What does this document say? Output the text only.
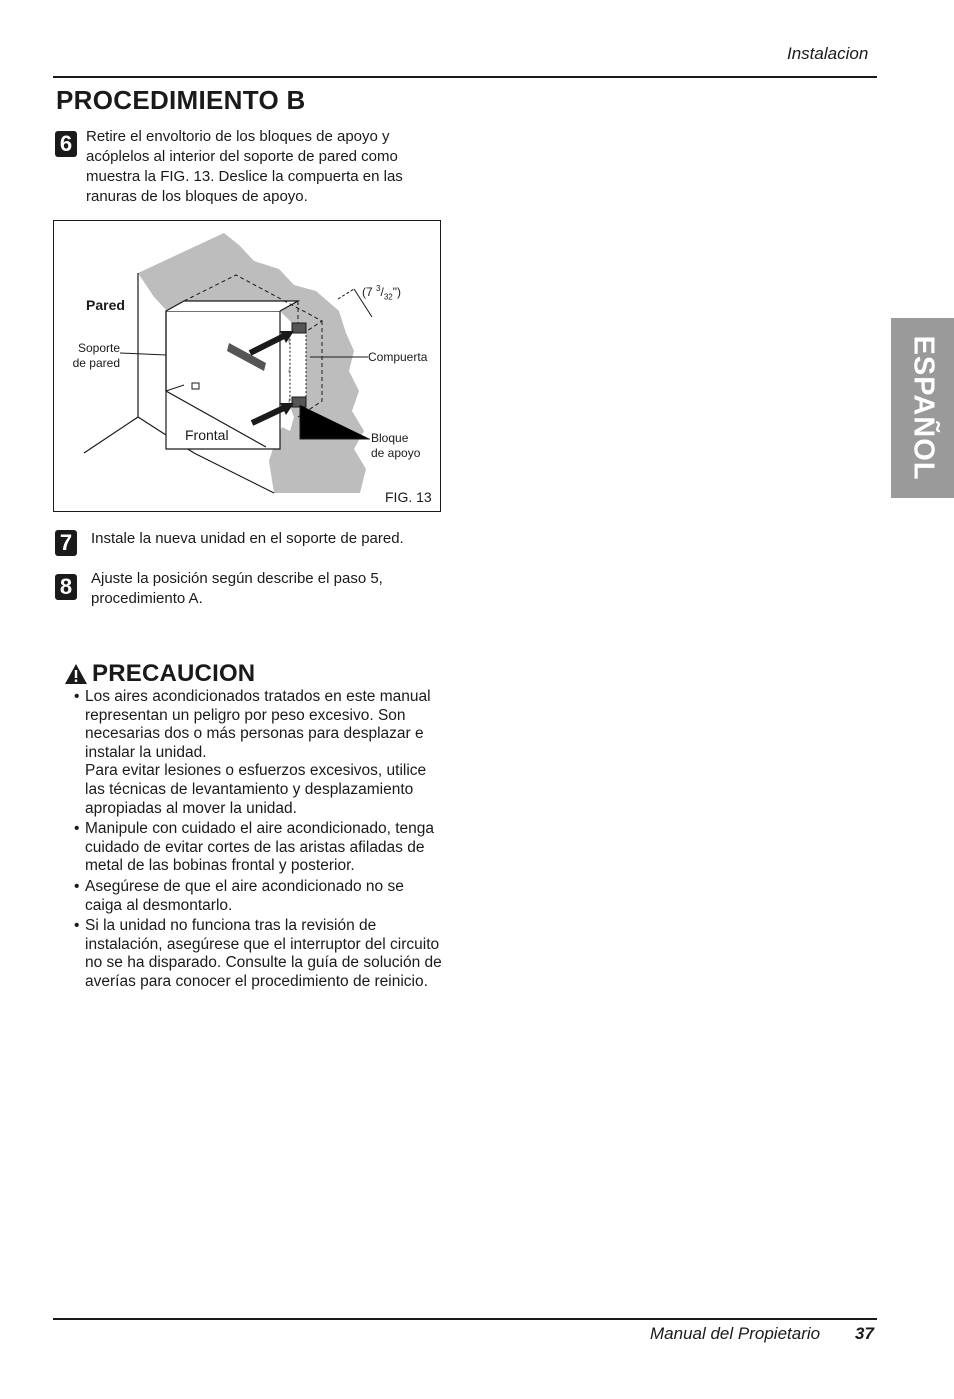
Instalacion
PROCEDIMIENTO B
6 Retire el envoltorio de los bloques de apoyo y acóplelos al interior del soporte de pared como muestra la FIG. 13. Deslice la compuerta en las ranuras de los bloques de apoyo.
Pared
Soporte
de pared
(7 $^3/_{32}$")
Compuerta
Frontal	Bloque
de apoyo
FIG. 13
7	Instale la nueva unidad en el soporte de pared.
8	Ajuste la posición según describe el paso 5, procedimiento A.
PRECAUCION
• Los aires acondicionados tratados en este manual representan un peligro por peso excesivo. Son necesarias dos o más personas para desplazar e instalar la unidad.

Para evitar lesiones o esfuerzos excesivos, utilice las técnicas de levantamiento y desplazamiento apropiadas al mover la unidad.

• Manipule con cuidado el aire acondicionado, tenga cuidado de evitar cortes de las aristas afiladas de metal de las bobinas frontal y posterior.

• Asegúrese de que el aire acondicionado no se caiga al desmontarlo.

• Si la unidad no funciona tras la revisión de instalación, asegúrese que el interruptor del circuito no se ha disparado. Consulte la guía de solución de averías para conocer el procedimiento de reinicio.

ESPAÑOL
Manual del Propietario 37
